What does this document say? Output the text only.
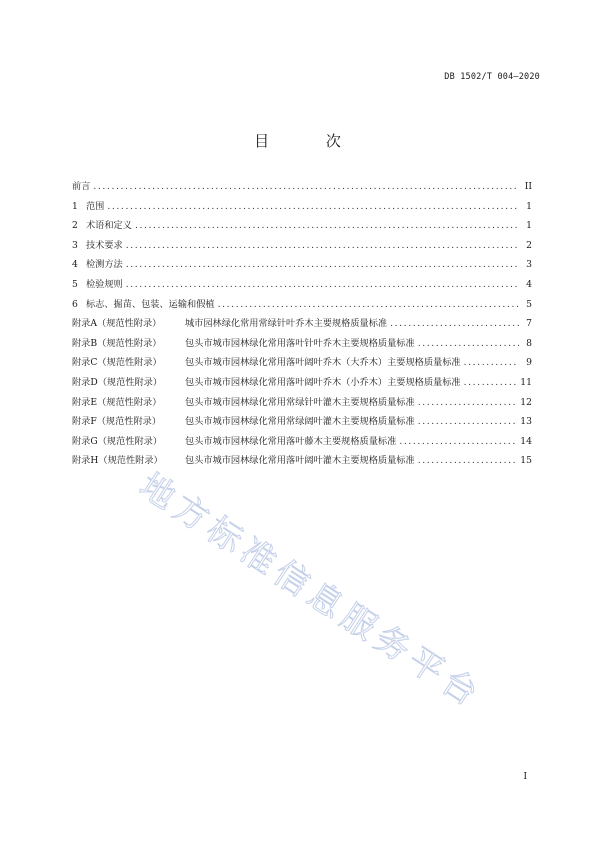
DB 1502/T 004—2020
目 次
前言 .....	II
1 范围 .....	1
2 术语和定义 .....	1
3 技术要求 .....	2
4 检测方法 .....	3
5 检验规则 .....	4
6 标志、掘苗、包装、运输和假植 .....	5
附录A（规范性附录）	城市园林绿化常用常绿针叶乔木主要规格质量标准 .....	7
附录B（规范性附录）	包头市城市园林绿化常用落叶针叶乔木主要规格质量标准 .....	8
附录C（规范性附录）	包头市城市园林绿化常用落叶阔叶乔木（大乔木）主要规格质量标准 .....	9
附录D（规范性附录）	包头市城市园林绿化常用落叶阔叶乔木（小乔木）主要规格质量标准 .....	11
附录E（规范性附录）	包头市城市园林绿化常用常绿针叶灌木主要规格质量标准 .....	12
附录F（规范性附录）	包头市城市园林绿化常用常绿阔叶灌木主要规格质量标准 .....	13
附录G（规范性附录）	包头市城市园林绿化常用落叶藤木主要规格质量标准 .....	14
附录H（规范性附录）	包头市城市园林绿化常用落叶阔叶灌木主要规格质量标准 .....	15
地方标准信息服务平台
I
